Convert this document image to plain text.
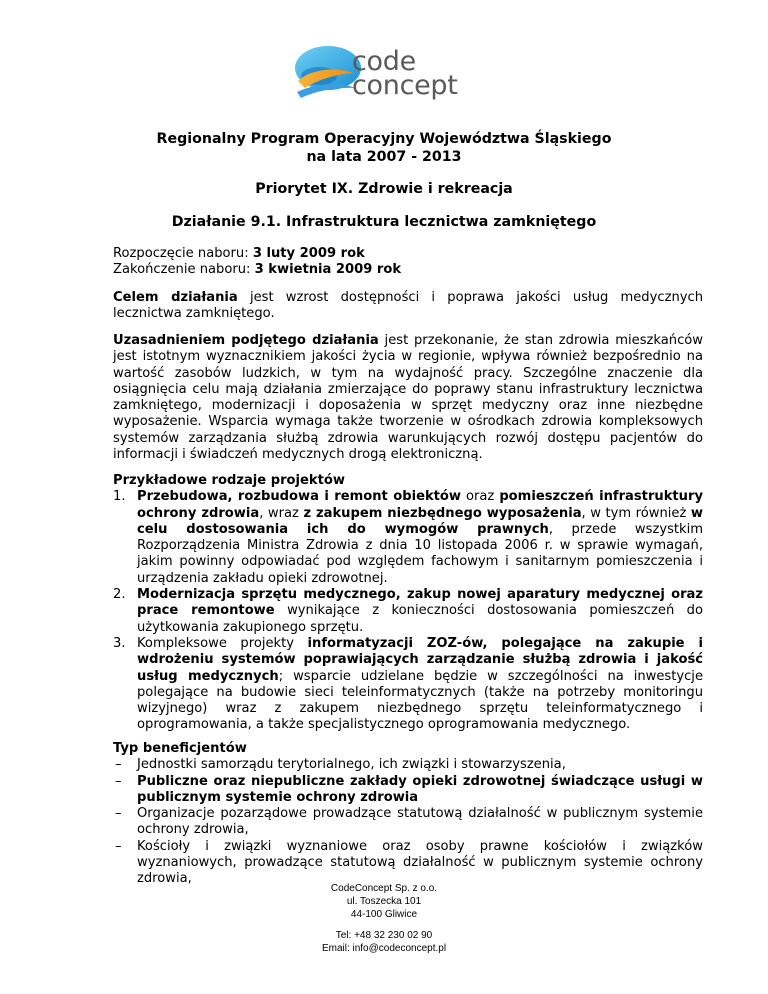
code
concept
Regionalny Program Operacyjny Województwa Śląskiego
na lata 2007 - 2013
Priorytet IX. Zdrowie i rekreacja
Działanie 9.1. Infrastruktura lecznictwa zamkniętego

Rozpoczęcie naboru: 3 luty 2009 rok

Zakończenie naboru: 3 kwietnia 2009 rok

Celem działania jest wzrost dostępności i poprawa jakości usług medycznych lecznictwa zamkniętego.

Uzasadnieniem podjętego działania jest przekonanie, że stan zdrowia mieszkańców jest istotnym wyznacznikiem jakości życia w regionie, wpływa również bezpośrednio na wartość zasobów ludzkich, w tym na wydajność pracy. Szczególne znaczenie dla osiągnięcia celu mają działania zmierzające do poprawy stanu infrastruktury lecznictwa zamkniętego, modernizacji i doposażenia w sprzęt medyczny oraz inne niezbędne wyposażenie. Wsparcia wymaga także tworzenie w ośrodkach zdrowia kompleksowych systemów zarządzania służbą zdrowia warunkujących rozwój dostępu pacjentów do informacji i świadczeń medycznych drogą elektroniczną.

Przykładowe rodzaje projektów

1. Przebudowa, rozbudowa i remont obiektów oraz pomieszczeń infrastruktury ochrony zdrowia, wraz z zakupem niezbędnego wyposażenia, w tym również w celu dostosowania ich do wymogów prawnych, przede wszystkim Rozporządzenia Ministra Zdrowia z dnia 10 listopada 2006 r. w sprawie wymagań, jakim powinny odpowiadać pod względem fachowym i sanitarnym pomieszczenia i urządzenia zakładu opieki zdrowotnej.
2. Modernizacja sprzętu medycznego, zakup nowej aparatury medycznej oraz prace remontowe wynikające z konieczności dostosowania pomieszczeń do użytkowania zakupionego sprzętu.
3. Kompleksowe projekty informatyzacji ZOZ-ów, polegające na zakupie i wdrożeniu systemów poprawiających zarządzanie służbą zdrowia i jakość usług medycznych; wsparcie udzielane będzie w szczególności na inwestycje polegające na budowie sieci teleinformatycznych (także na potrzeby monitoringu wizyjnego) wraz z zakupem niezbędnego sprzętu teleinformatycznego i oprogramowania, a także specjalistycznego oprogramowania medycznego.

Typ beneficjentów

– Jednostki samorządu terytorialnego, ich związki i stowarzyszenia,
– Publiczne oraz niepubliczne zakłady opieki zdrowotnej świadczące usługi w publicznym systemie ochrony zdrowia
– Organizacje pozarządowe prowadzące statutową działalność w publicznym systemie ochrony zdrowia,
– Kościoły i związki wyznaniowe oraz osoby prawne kościołów i związków wyznaniowych, prowadzące statutową działalność w publicznym systemie ochrony zdrowia,
CodeConcept Sp. z o.o.
ul. Toszecka 101
44-100 Gliwice
Tel: +48 32 230 02 90
Email: info@codeconcept.pl
